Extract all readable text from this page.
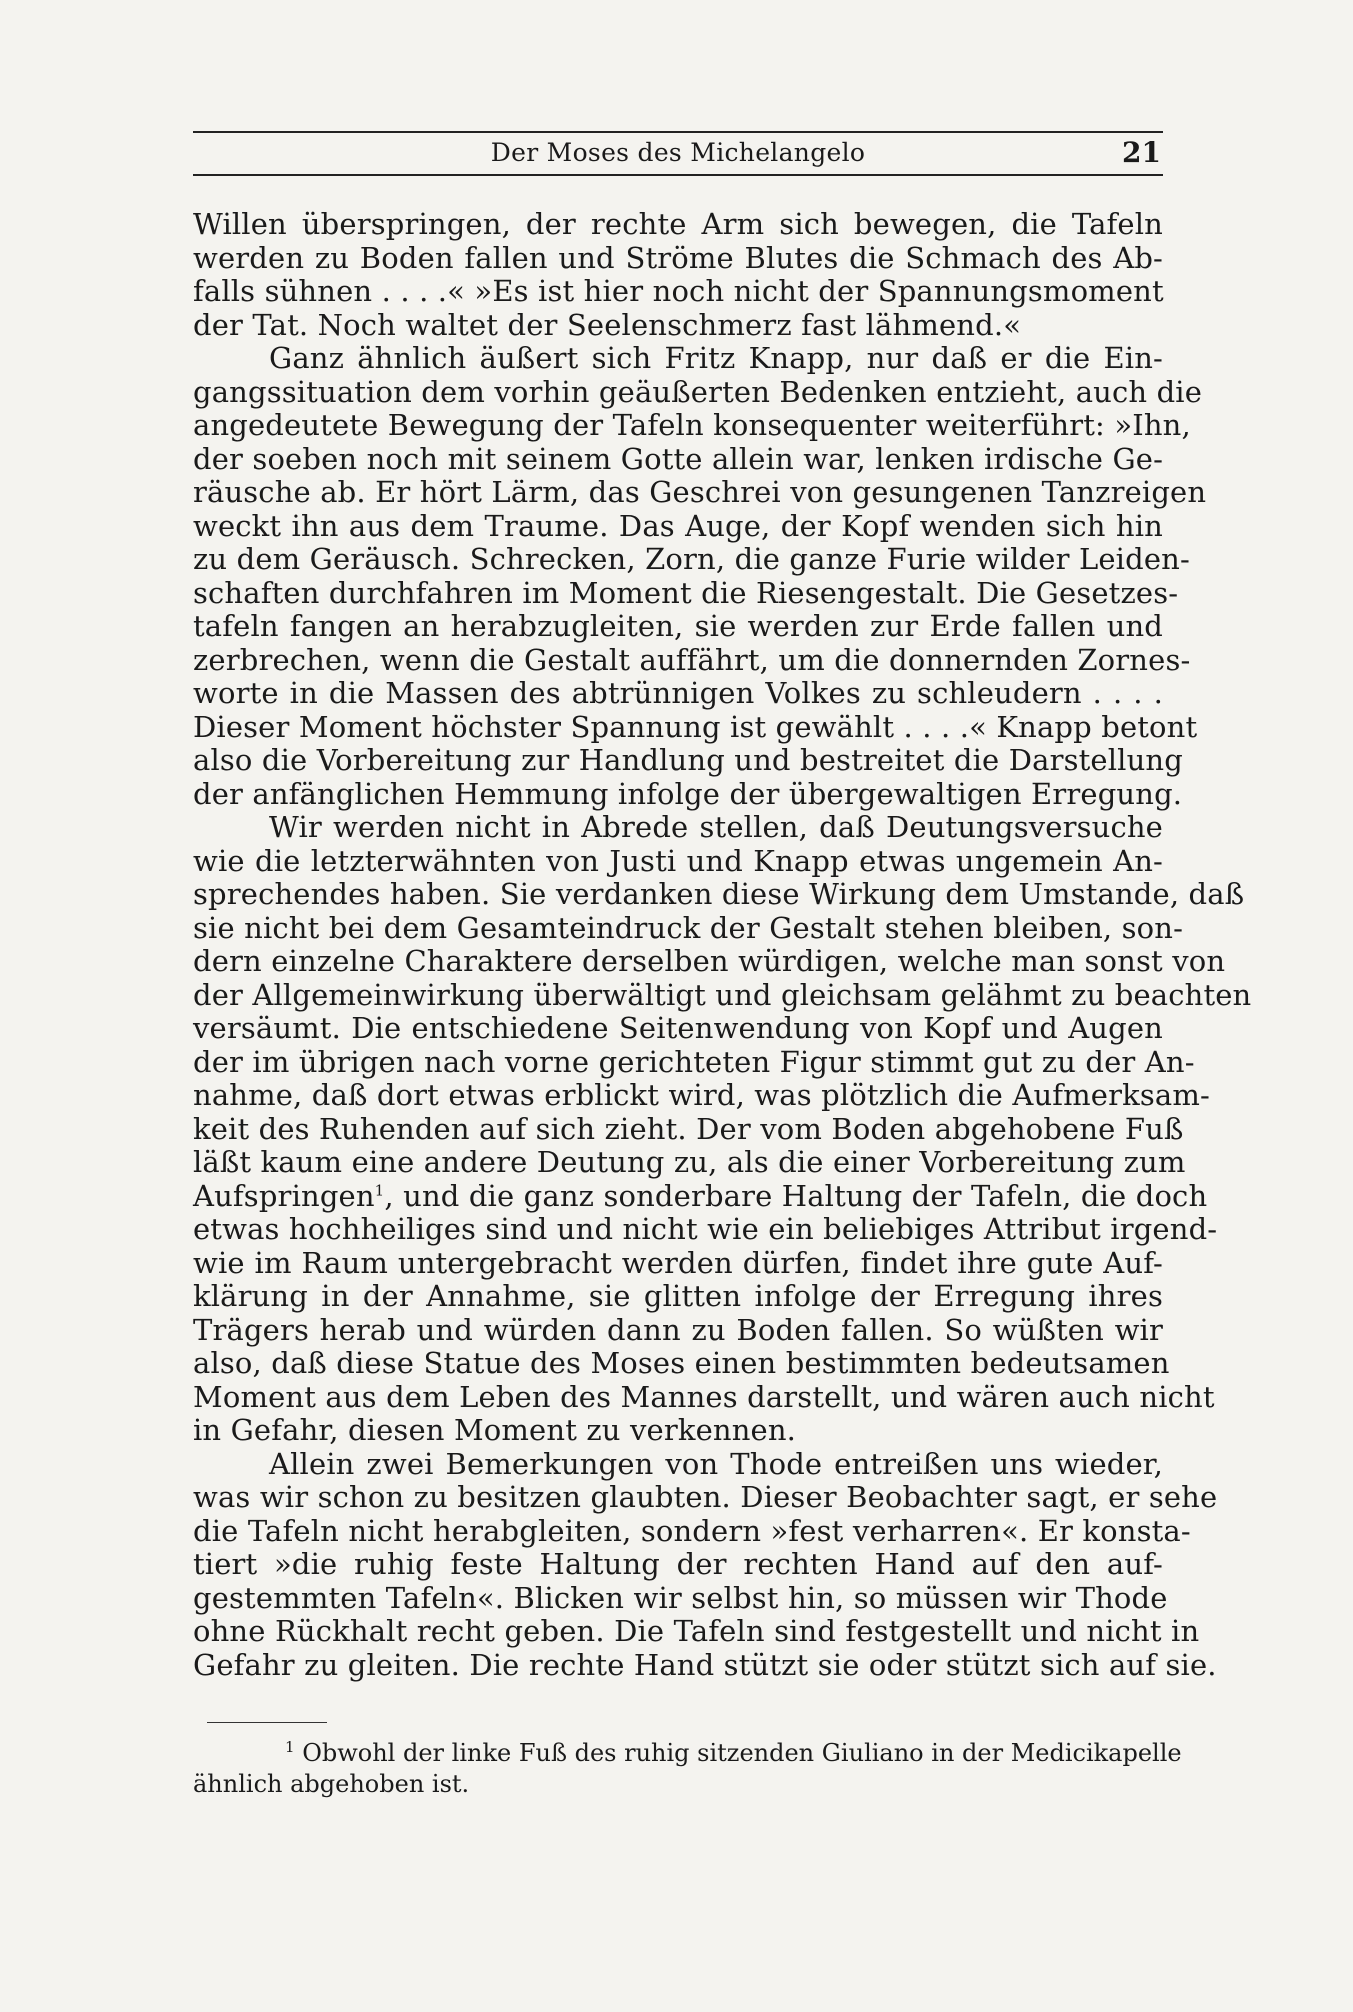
Der Moses des Michelangelo	21
Willen überspringen, der rechte Arm sich bewegen, die Tafeln
werden zu Boden fallen und Ströme Blutes die Schmach des Ab-
falls sühnen . . . .« »Es ist hier noch nicht der Spannungsmoment
der Tat. Noch waltet der Seelenschmerz fast lähmend.«
Ganz ähnlich äußert sich Fritz Knapp, nur daß er die Ein-
gangssituation dem vorhin geäußerten Bedenken entzieht, auch die
angedeutete Bewegung der Tafeln konsequenter weiterführt: »Ihn,
der soeben noch mit seinem Gotte allein war, lenken irdische Ge-
räusche ab. Er hört Lärm, das Geschrei von gesungenen Tanzreigen
weckt ihn aus dem Traume. Das Auge, der Kopf wenden sich hin
zu dem Geräusch. Schrecken, Zorn, die ganze Furie wilder Leiden-
schaften durchfahren im Moment die Riesengestalt. Die Gesetzes-
tafeln fangen an herabzugleiten, sie werden zur Erde fallen und
zerbrechen, wenn die Gestalt auffährt, um die donnernden Zornes-
worte in die Massen des abtrünnigen Volkes zu schleudern . . . .
Dieser Moment höchster Spannung ist gewählt . . . .« Knapp betont
also die Vorbereitung zur Handlung und bestreitet die Darstellung
der anfänglichen Hemmung infolge der übergewaltigen Erregung.
Wir werden nicht in Abrede stellen, daß Deutungsversuche
wie die letzterwähnten von Justi und Knapp etwas ungemein An-
sprechendes haben. Sie verdanken diese Wirkung dem Umstande, daß
sie nicht bei dem Gesamteindruck der Gestalt stehen bleiben, son-
dern einzelne Charaktere derselben würdigen, welche man sonst von
der Allgemeinwirkung überwältigt und gleichsam gelähmt zu beachten
versäumt. Die entschiedene Seitenwendung von Kopf und Augen
der im übrigen nach vorne gerichteten Figur stimmt gut zu der An-
nahme, daß dort etwas erblickt wird, was plötzlich die Aufmerksam-
keit des Ruhenden auf sich zieht. Der vom Boden abgehobene Fuß
läßt kaum eine andere Deutung zu, als die einer Vorbereitung zum
Aufspringen$^1$, und die ganz sonderbare Haltung der Tafeln, die doch
etwas hochheiliges sind und nicht wie ein beliebiges Attribut irgend-
wie im Raum untergebracht werden dürfen, findet ihre gute Auf-
klärung in der Annahme, sie glitten infolge der Erregung ihres
Trägers herab und würden dann zu Boden fallen. So wüßten wir
also, daß diese Statue des Moses einen bestimmten bedeutsamen
Moment aus dem Leben des Mannes darstellt, und wären auch nicht
in Gefahr, diesen Moment zu verkennen.
Allein zwei Bemerkungen von Thode entreißen uns wieder,
was wir schon zu besitzen glaubten. Dieser Beobachter sagt, er sehe
die Tafeln nicht herabgleiten, sondern »fest verharren«. Er konsta-
tiert »die ruhig feste Haltung der rechten Hand auf den auf-
gestemmten Tafeln«. Blicken wir selbst hin, so müssen wir Thode
ohne Rückhalt recht geben. Die Tafeln sind festgestellt und nicht in
Gefahr zu gleiten. Die rechte Hand stützt sie oder stützt sich auf sie.
$^1$ Obwohl der linke Fuß des ruhig sitzenden Giuliano in der Medicikapelle
ähnlich abgehoben ist.
